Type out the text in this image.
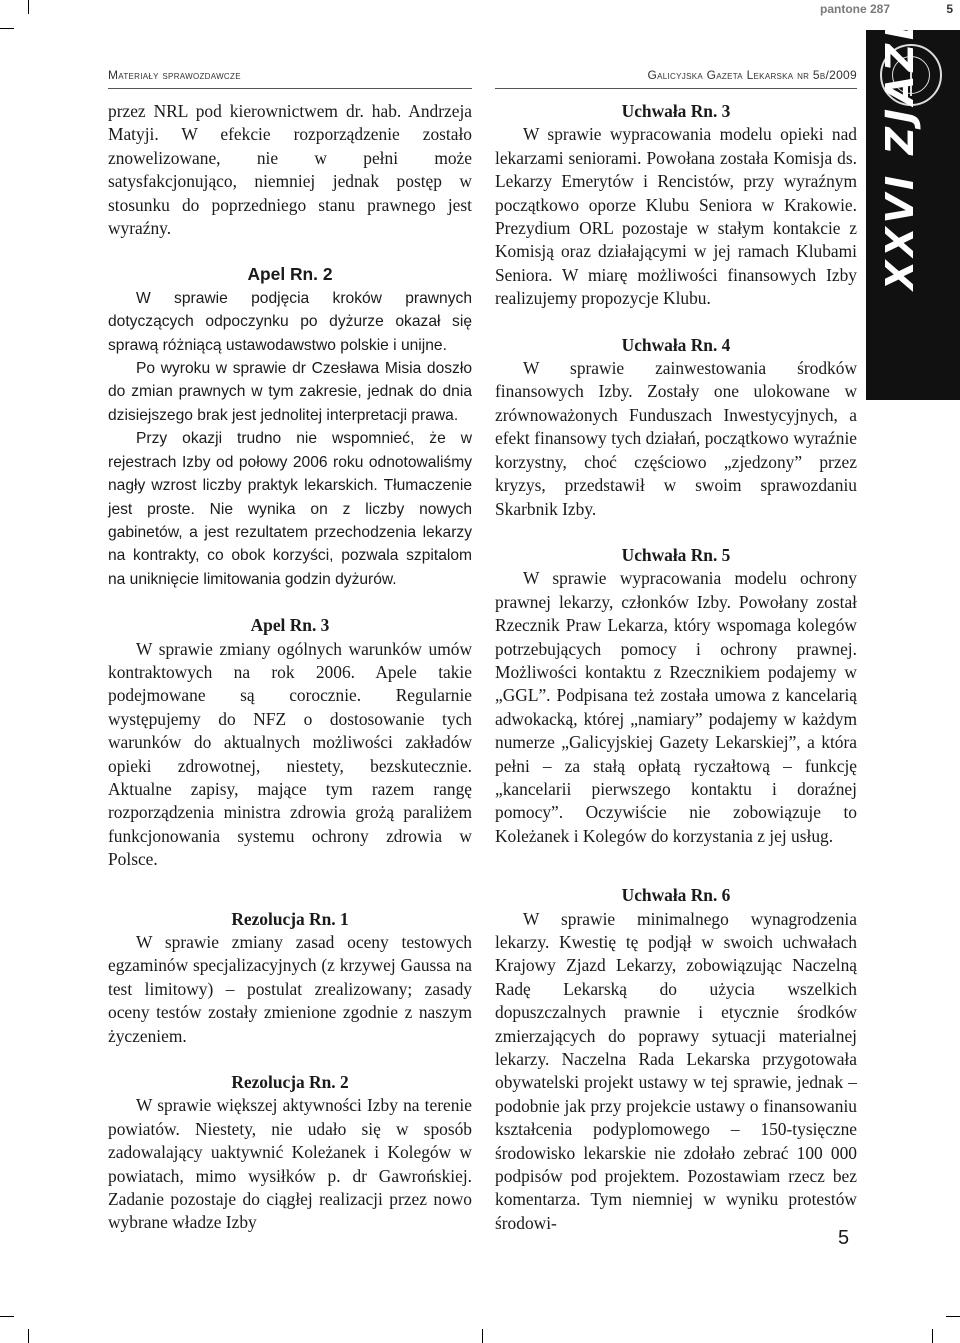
pantone 287	5
Materiały sprawozdawcze	Galicyjska Gazeta Lekarska nr 5b/2009 XXVI ZJAZD

przez NRL pod kierownictwem dr. hab. Andrzeja Matyji. W efekcie rozporządzenie zostało znowelizowane, nie w pełni może satysfakcjonująco, niemniej jednak postęp w stosunku do poprzedniego stanu prawnego jest wyraźny.

Apel Rn. 2

W sprawie podjęcia kroków prawnych dotyczących odpoczynku po dyżurze okazał się sprawą różniącą ustawodawstwo polskie i unijne.

Po wyroku w sprawie dr Czesława Misia doszło do zmian prawnych w tym zakresie, jednak do dnia dzisiejszego brak jest jednolitej interpretacji prawa.

Przy okazji trudno nie wspomnieć, że w rejestrach Izby od połowy 2006 roku odnotowaliśmy nagły wzrost liczby praktyk lekarskich. Tłumaczenie jest proste. Nie wynika on z liczby nowych gabinetów, a jest rezultatem przechodzenia lekarzy na kontrakty, co obok korzyści, pozwala szpitalom na uniknięcie limitowania godzin dyżurów.

Apel Rn. 3

W sprawie zmiany ogólnych warunków umów kontraktowych na rok 2006. Apele takie podejmowane są corocznie. Regularnie występujemy do NFZ o dostosowanie tych warunków do aktualnych możliwości zakładów opieki zdrowotnej, niestety, bezskutecznie. Aktualne zapisy, mające tym razem rangę rozporządzenia ministra zdrowia grożą paraliżem funkcjonowania systemu ochrony zdrowia w Polsce.

Rezolucja Rn. 1

W sprawie zmiany zasad oceny testowych egzaminów specjalizacyjnych (z krzywej Gaussa na test limitowy) – postulat zrealizowany; zasady oceny testów zostały zmienione zgodnie z naszym życzeniem.

Rezolucja Rn. 2

W sprawie większej aktywności Izby na terenie powiatów. Niestety, nie udało się w sposób zadowalający uaktywnić Koleżanek i Kolegów w powiatach, mimo wysiłków p. dr Gawrońskiej. Zadanie pozostaje do ciągłej realizacji przez nowo wybrane władze Izby

Uchwała Rn. 3

W sprawie wypracowania modelu opieki nad lekarzami seniorami. Powołana została Komisja ds. Lekarzy Emerytów i Rencistów, przy wyraźnym początkowo oporze Klubu Seniora w Krakowie. Prezydium ORL pozostaje w stałym kontakcie z Komisją oraz działającymi w jej ramach Klubami Seniora. W miarę możliwości finansowych Izby realizujemy propozycje Klubu.

Uchwała Rn. 4

W sprawie zainwestowania środków finansowych Izby. Zostały one ulokowane w zrównoważonych Funduszach Inwestycyjnych, a efekt finansowy tych działań, początkowo wyraźnie korzystny, choć częściowo „zjedzony” przez kryzys, przedstawił w swoim sprawozdaniu Skarbnik Izby.

Uchwała Rn. 5

W sprawie wypracowania modelu ochrony prawnej lekarzy, członków Izby. Powołany został Rzecznik Praw Lekarza, który wspomaga kolegów potrzebujących pomocy i ochrony prawnej. Możliwości kontaktu z Rzecznikiem podajemy w „GGL”. Podpisana też została umowa z kancelarią adwokacką, której „namiary” podajemy w każdym numerze „Galicyjskiej Gazety Lekarskiej”, a która pełni – za stałą opłatą ryczałtową – funkcję „kancelarii pierwszego kontaktu i doraźnej pomocy”. Oczywiście nie zobowiązuje to Koleżanek i Kolegów do korzystania z jej usług.

Uchwała Rn. 6

W sprawie minimalnego wynagrodzenia lekarzy. Kwestię tę podjął w swoich uchwałach Krajowy Zjazd Lekarzy, zobowiązując Naczelną Radę Lekarską do użycia wszelkich dopuszczalnych prawnie i etycznie środków zmierzających do poprawy sytuacji materialnej lekarzy. Naczelna Rada Lekarska przygotowała obywatelski projekt ustawy w tej sprawie, jednak – podobnie jak przy projekcie ustawy o finansowaniu kształcenia podyplomowego – 150-tysięczne środowisko lekarskie nie zdołało zebrać 100 000 podpisów pod projektem. Pozostawiam rzecz bez komentarza. Tym niemniej w wyniku protestów środowi-

5
